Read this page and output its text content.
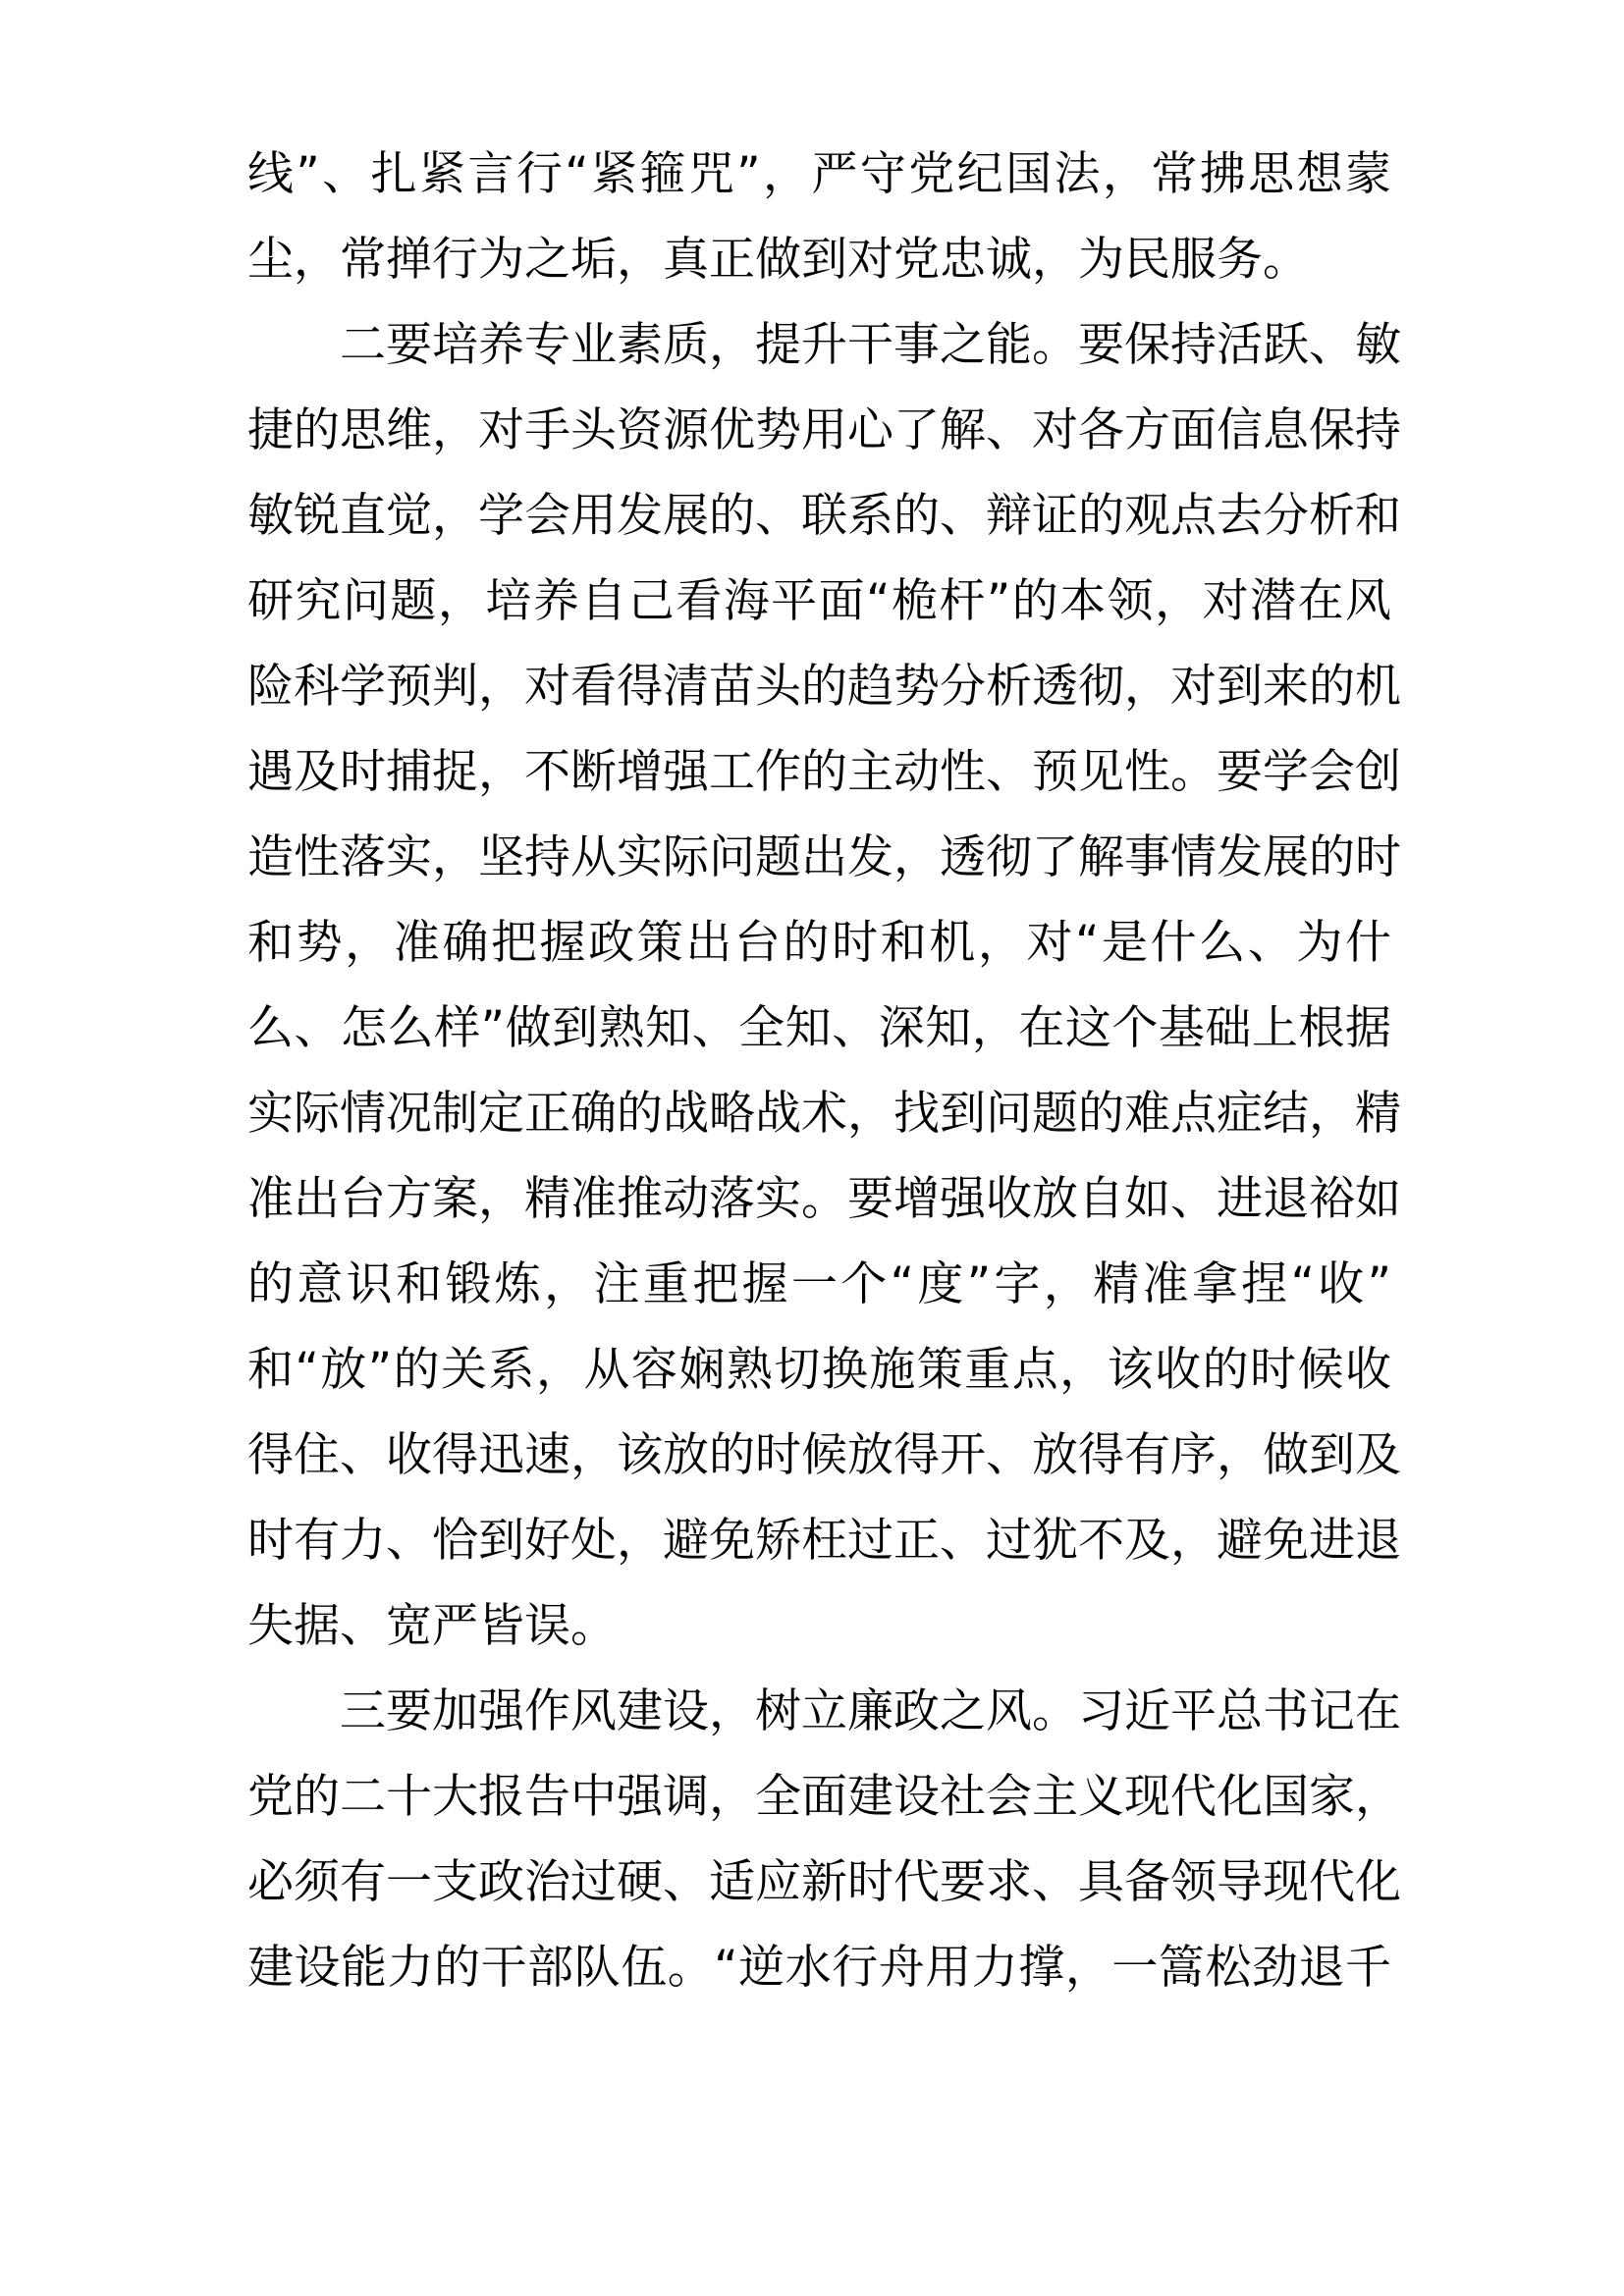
线”、扎紧言行“紧箍咒”，严守党纪国法，常拂思想蒙

尘，常掸行为之垢，真正做到对党忠诚，为民服务。

二要培养专业素质，提升干事之能。要保持活跃、敏

捷的思维，对手头资源优势用心了解、对各方面信息保持

敏锐直觉，学会用发展的、联系的、辩证的观点去分析和

研究问题，培养自己看海平面“桅杆”的本领，对潜在风

险科学预判，对看得清苗头的趋势分析透彻，对到来的机

遇及时捕捉，不断增强工作的主动性、预见性。要学会创

造性落实，坚持从实际问题出发，透彻了解事情发展的时

和势，准确把握政策出台的时和机，对“是什么、为什

么、怎么样”做到熟知、全知、深知，在这个基础上根据

实际情况制定正确的战略战术，找到问题的难点症结，精

准出台方案，精准推动落实。要增强收放自如、进退裕如

的意识和锻炼，注重把握一个“度”字，精准拿捏“收”

和“放”的关系，从容娴熟切换施策重点，该收的时候收

得住、收得迅速，该放的时候放得开、放得有序，做到及

时有力、恰到好处，避免矫枉过正、过犹不及，避免进退

失据、宽严皆误。

三要加强作风建设，树立廉政之风。习近平总书记在

党的二十大报告中强调，全面建设社会主义现代化国家，

必须有一支政治过硬、适应新时代要求、具备领导现代化

建设能力的干部队伍。“逆水行舟用力撑，一篙松劲退千
